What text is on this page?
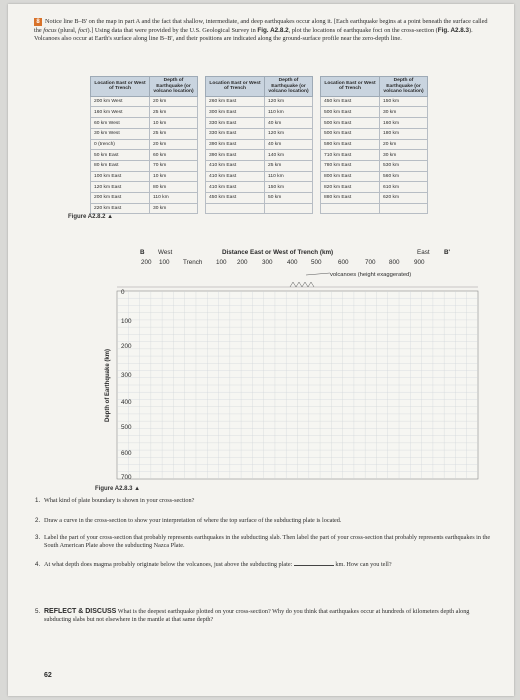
8 Notice line B–B' on the map in part A and the fact that shallow, intermediate, and deep earthquakes occur along it. [Each earthquake begins at a point beneath the surface called the focus (plural, foci).] Using data that were provided by the U.S. Geological Survey in Fig. A2.8.2, plot the locations of earthquake foci on the cross-section (Fig. A2.8.3). Volcanoes also occur at Earth's surface along line B–B', and their positions are indicated along the ground-surface profile near the zero-depth line.
Location East or West of Trench	Depth of Earthquake (or volcano location)		Location East or West of Trench	Depth of Earthquake (or volcano location)		Location East or West of Trench	Depth of Earthquake (or volcano location)
200 km West	20 km		260 km East	120 km		450 km East	150 km
160 km West	25 km		300 km East	110 km		500 km East	30 km
60 km West	10 km		330 km East	40 km		500 km East	160 km
30 km West	25 km		330 km East	120 km		500 km East	180 km
0 (trench)	20 km		390 km East	40 km		590 km East	20 km
50 km East	60 km		390 km East	140 km		710 km East	30 km
80 km East	70 km		410 km East	25 km		780 km East	530 km
100 km East	10 km		410 km East	110 km		800 km East	560 km
120 km East	80 km		410 km East	150 km		820 km East	610 km
200 km East	110 km		450 km East	50 km		880 km East	620 km
220 km East	30 km						
Figure A2.8.2 ▲
B West	Distance East or West of Trench (km)	East B'
200 100 Trench 100 200 300 400 500	600	700 800 900
volcanoes (height exaggerated)
0
100
200
300
400
500
600
700
Depth of Earthquake (km)
Figure A2.8.3 ▲
1. What kind of plate boundary is shown in your cross-section?
2. Draw a curve in the cross-section to show your interpretation of where the top surface of the subducting plate is located.
3. Label the part of your cross-section that probably represents earthquakes in the subducting slab. Then label the part of your cross-section that probably represents earthquakes in the South American Plate above the subducting Nazca Plate.
4. At what depth does magma probably originate below the volcanoes, just above the subducting plate:	km. How can you tell?
5. REFLECT & DISCUSS What is the deepest earthquake plotted on your cross-section? Why do you think that earthquakes occur at hundreds of kilometers depth along subducting slabs but not elsewhere in the mantle at that same depth?
62
